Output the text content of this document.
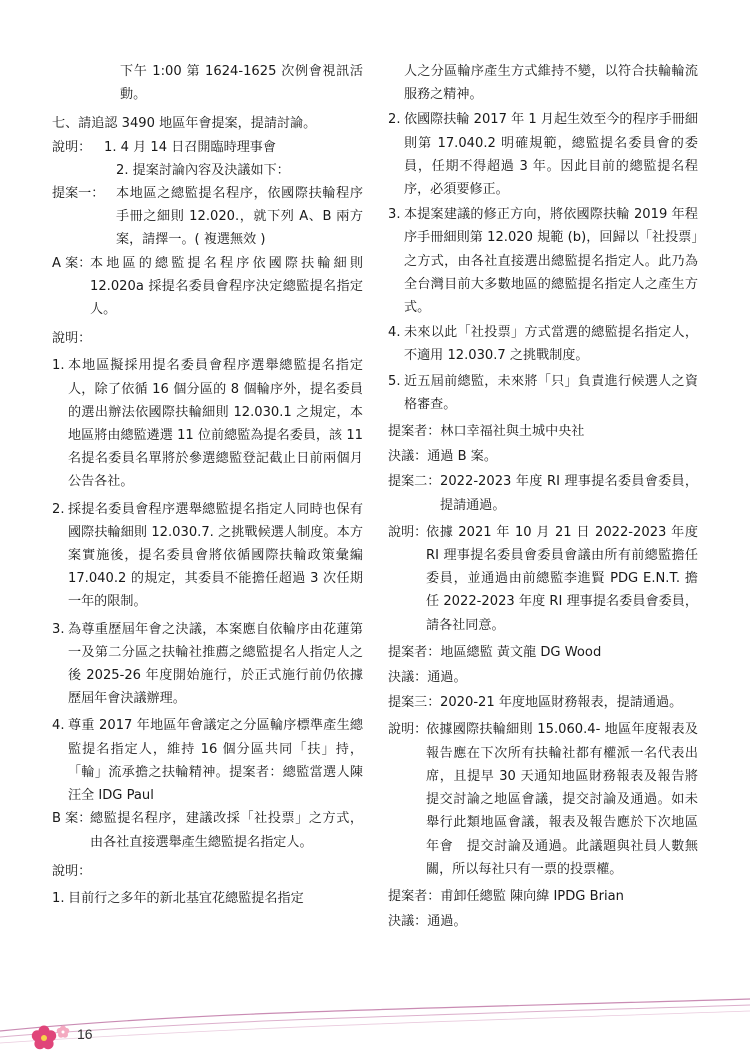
下午 1:00 第 1624-1625 次例會視訊活動。
七、請追認 3490 地區年會提案，提請討論。
說明： 1. 4 月 14 日召開臨時理事會
2. 提案討論內容及決議如下：
提案一： 本地區之總監提名程序，依國際扶輪程序手冊之細則 12.020.，就下列 A、B 兩方案，請擇一。( 複選無效 )
A 案：
本地區的總監提名程序依國際扶輪細則 12.020a 採提名委員會程序決定總監提名指定人。
說明：
1. 本地區擬採用提名委員會程序選舉總監提名指定人，除了依循 16 個分區的 8 個輪序外，提名委員的選出辦法依國際扶輪細則 12.030.1 之規定，本地區將由總監遴選 11 位前總監為提名委員，該 11 名提名委員名單將於參選總監登記截止日前兩個月公告各社。
2. 採提名委員會程序選舉總監提名指定人同時也保有國際扶輪細則 12.030.7. 之挑戰候選人制度。本方案實施後，提名委員會將依循國際扶輪政策彙編 17.040.2 的規定，其委員不能擔任超過 3 次任期一年的限制。
3. 為尊重歷屆年會之決議，本案應自依輪序由花蓮第一及第二分區之扶輪社推薦之總監提名人指定人之後 2025-26 年度開始施行，於正式施行前仍依據歷屆年會決議辦理。
4. 尊重 2017 年地區年會議定之分區輪序標準產生總監提名指定人，維持 16 個分區共同「扶」持，「輪」流承擔之扶輪精神。提案者：總監當選人陳汪全 IDG Paul
B 案：
總監提名程序，建議改採「社投票」之方式，由各社直接選舉產生總監提名指定人。
說明：
1. 目前行之多年的新北基宜花總監提名指定
人之分區輪序產生方式維持不變，以符合扶輪輪流服務之精神。
2. 依國際扶輪 2017 年 1 月起生效至今的程序手冊細則第 17.040.2 明確規範，總監提名委員會的委員，任期不得超過 3 年。因此目前的總監提名程序，必須要修正。
3. 本提案建議的修正方向，將依國際扶輪 2019 年程序手冊細則第 12.020 規範 (b)，回歸以「社投票」之方式，由各社直接選出總監提名指定人。此乃為全台灣目前大多數地區的總監提名指定人之產生方式。
4. 未來以此「社投票」方式當選的總監提名指定人，不適用 12.030.7 之挑戰制度。
5. 近五屆前總監，未來將「只」負責進行候選人之資格審查。
提案者：林口幸福社與土城中央社
決議：通過 B 案。
提案二： 2022-2023 年度 RI 理事提名委員會委員，提請通過。
說明：
依據 2021 年 10 月 21 日 2022-2023 年度 RI 理事提名委員會委員會議由所有前總監擔任委員，並通過由前總監李進賢 PDG E.N.T. 擔任 2022-2023 年度 RI 理事提名委員會委員，請各社同意。
提案者：地區總監 黃文龍 DG Wood
決議：通過。
提案三： 2020-21 年度地區財務報表，提請通過。
說明：
依據國際扶輪細則 15.060.4- 地區年度報表及報告應在下次所有扶輪社都有權派一名代表出席，且提早 30 天通知地區財務報表及報告將提交討論之地區會議，提交討論及通過。如未舉行此類地區會議，報表及報告應於下次地區年會　提交討論及通過。此議題與社員人數無關，所以每社只有一票的投票權。
提案者：甫卸任總監 陳向緯 IPDG Brian
決議：通過。
16
